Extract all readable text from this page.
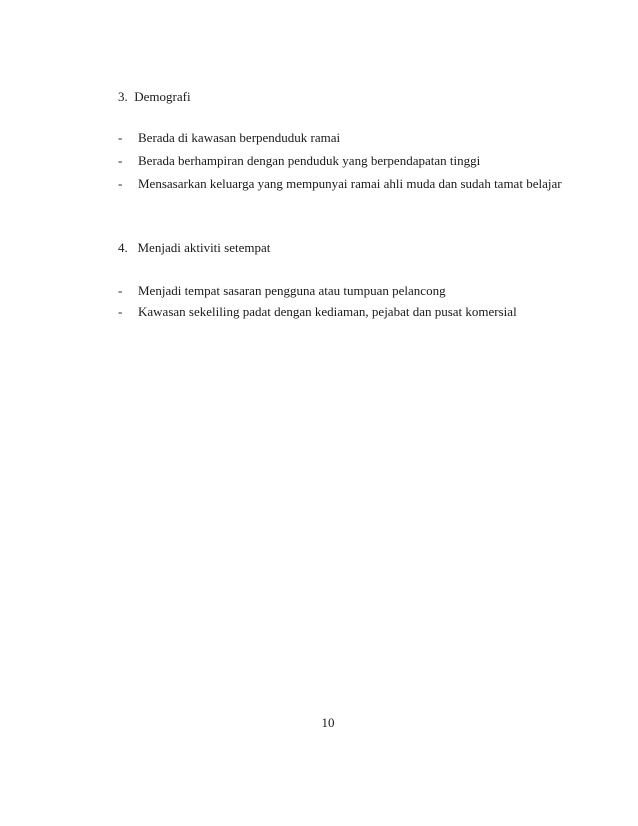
3. Demografi
- Berada di kawasan berpenduduk ramai
- Berada berhampiran dengan penduduk yang berpendapatan tinggi
- Mensasarkan keluarga yang mempunyai ramai ahli muda dan sudah tamat belajar
4. Menjadi aktiviti setempat
- Menjadi tempat sasaran pengguna atau tumpuan pelancong
- Kawasan sekeliling padat dengan kediaman, pejabat dan pusat komersial
10
